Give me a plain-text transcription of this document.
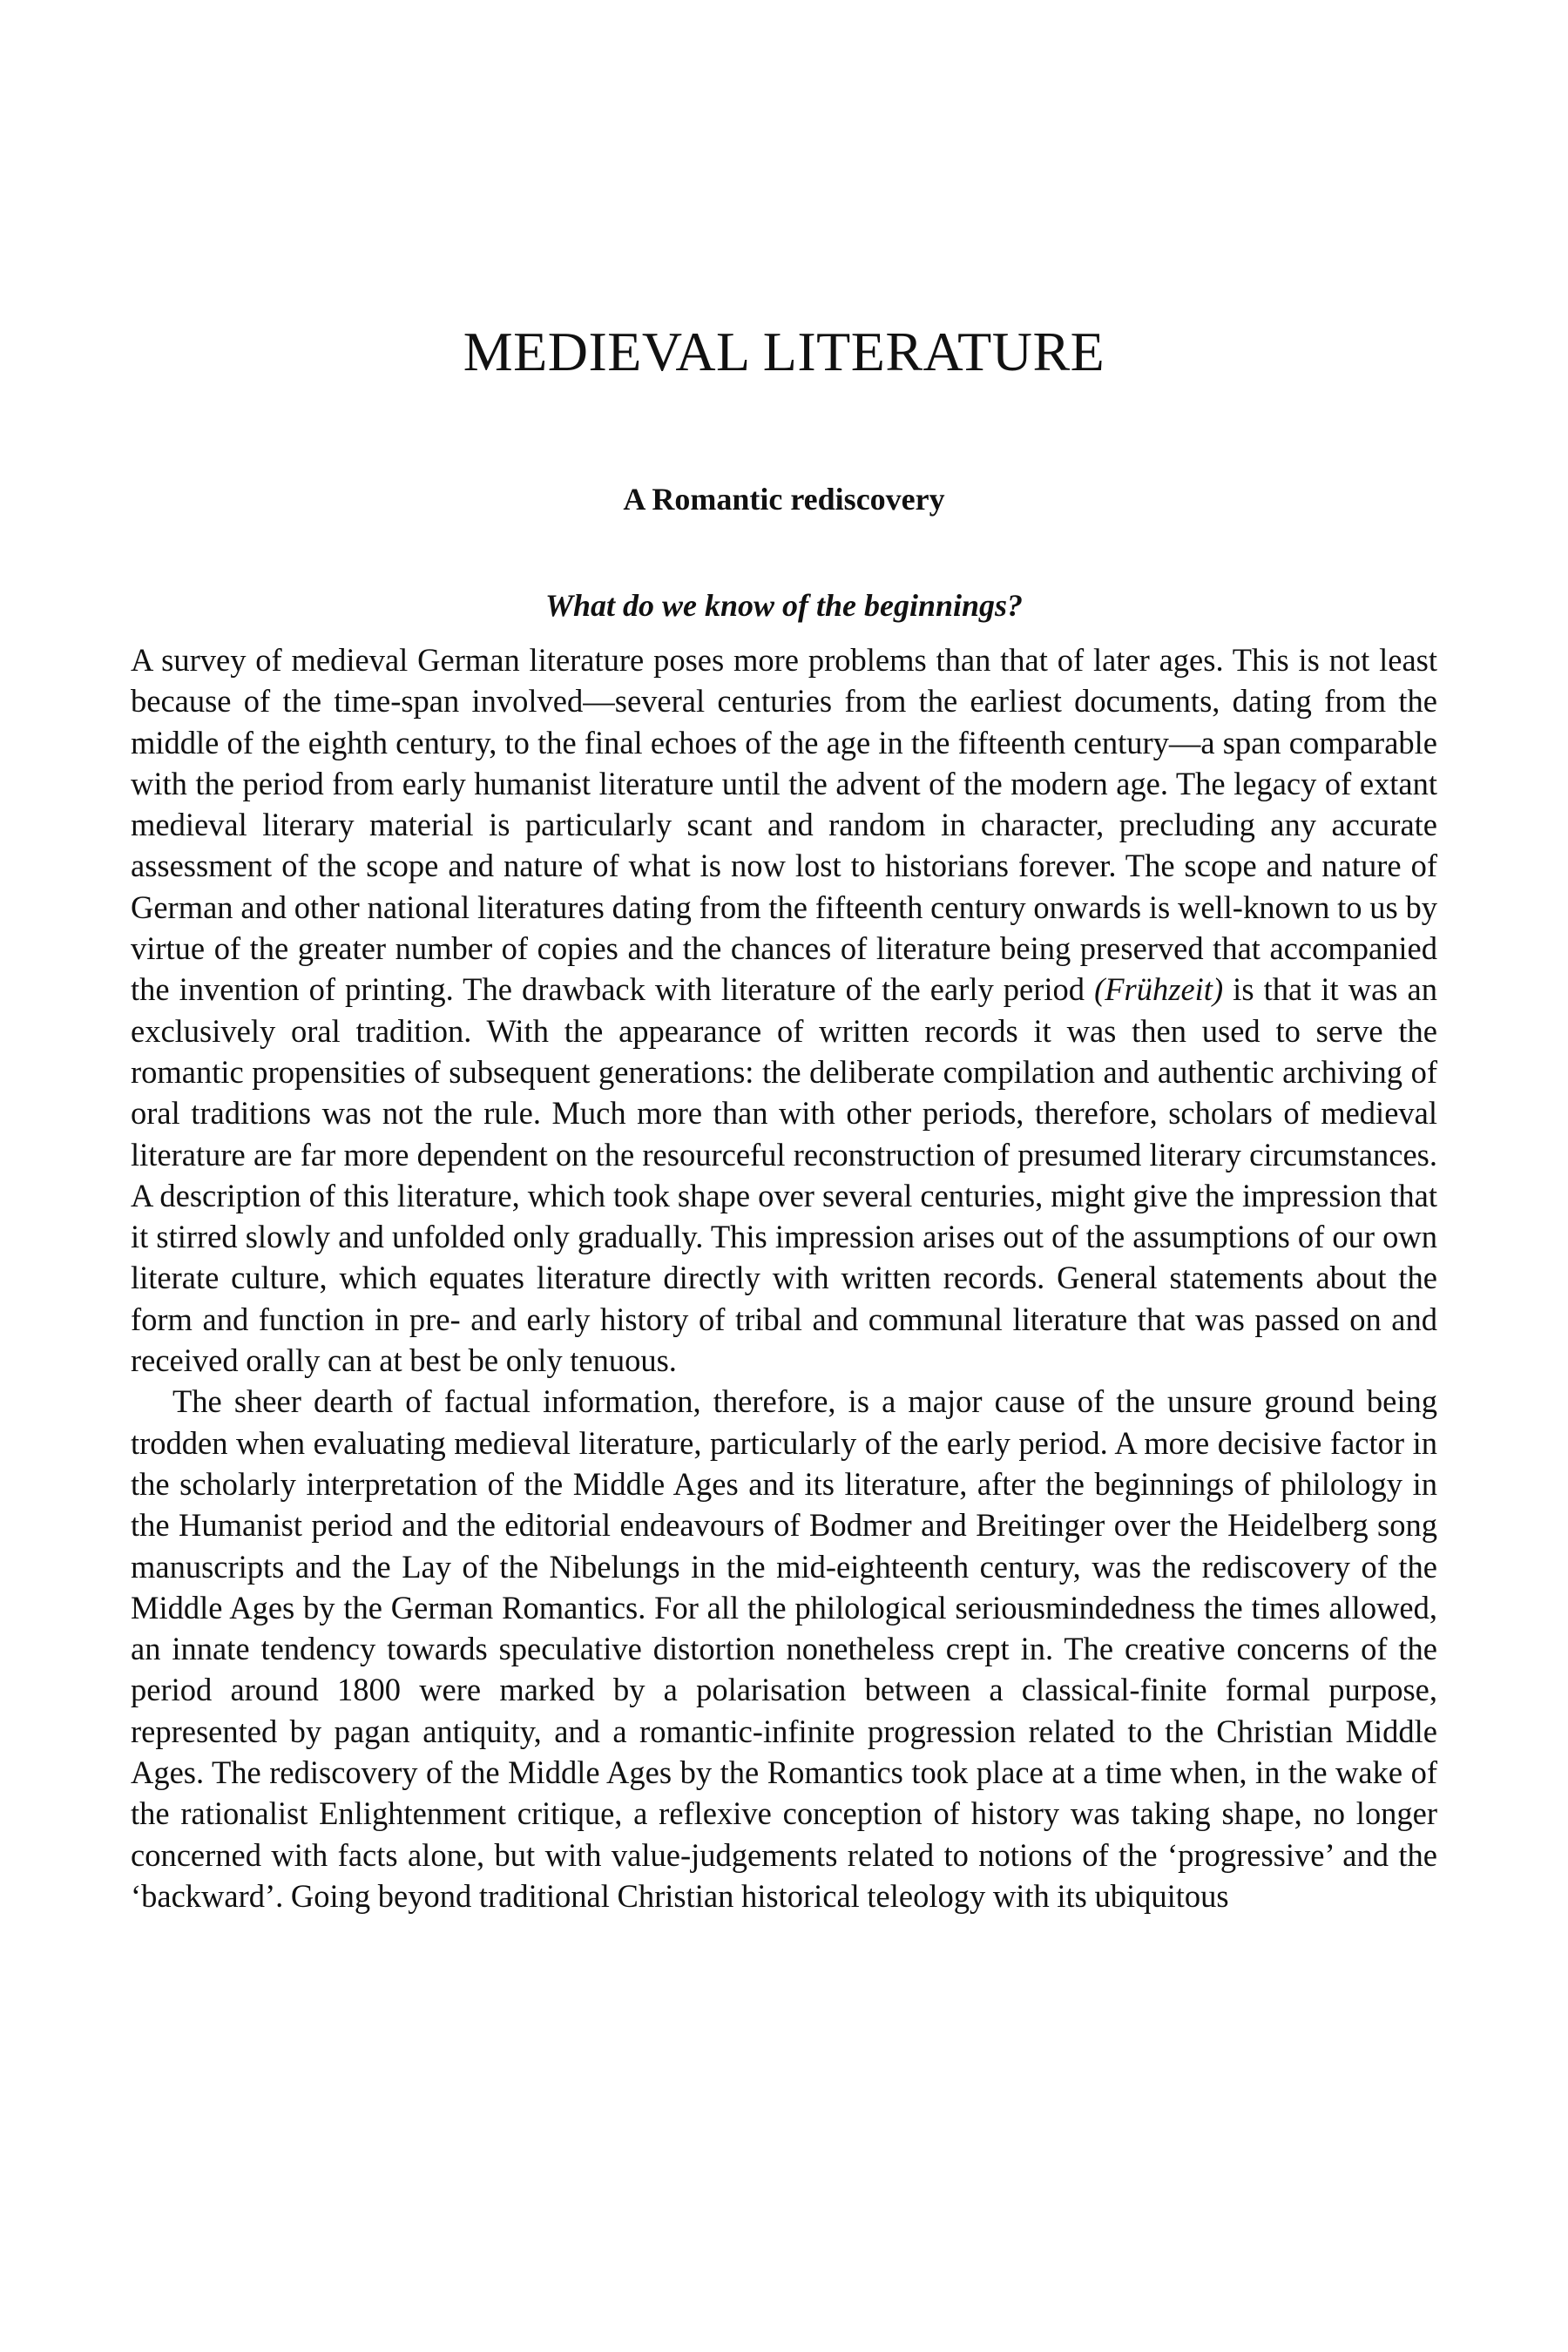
MEDIEVAL LITERATURE
A Romantic rediscovery
What do we know of the beginnings?

A survey of medieval German literature poses more problems than that of later ages. This is not least because of the time-span involved—several centuries from the earliest documents, dating from the middle of the eighth century, to the final echoes of the age in the fifteenth century—a span comparable with the period from early humanist literature until the advent of the modern age. The legacy of extant medieval literary material is particularly scant and random in character, precluding any accurate assessment of the scope and nature of what is now lost to historians forever. The scope and nature of German and other national literatures dating from the fifteenth century onwards is well-known to us by virtue of the greater number of copies and the chances of literature being preserved that accompanied the invention of printing. The drawback with literature of the early period (Frühzeit) is that it was an exclusively oral tradition. With the appearance of written records it was then used to serve the romantic propensities of subsequent generations: the deliberate compilation and authentic archiving of oral traditions was not the rule. Much more than with other periods, therefore, scholars of medieval literature are far more dependent on the resourceful reconstruction of presumed literary circumstances. A description of this literature, which took shape over several centuries, might give the impression that it stirred slowly and unfolded only gradually. This impression arises out of the assumptions of our own literate culture, which equates literature directly with written records. General statements about the form and function in pre- and early history of tribal and communal literature that was passed on and received orally can at best be only tenuous.

The sheer dearth of factual information, therefore, is a major cause of the unsure ground being trodden when evaluating medieval literature, particularly of the early period. A more decisive factor in the scholarly interpretation of the Middle Ages and its literature, after the beginnings of philology in the Humanist period and the editorial endeavours of Bodmer and Breitinger over the Heidelberg song manuscripts and the Lay of the Nibelungs in the mid-eighteenth century, was the rediscovery of the Middle Ages by the German Romantics. For all the philological seriousmindedness the times allowed, an innate tendency towards speculative distortion nonetheless crept in. The creative concerns of the period around 1800 were marked by a polarisation between a classical-finite formal purpose, represented by pagan antiquity, and a romantic-infinite progression related to the Christian Middle Ages. The rediscovery of the Middle Ages by the Romantics took place at a time when, in the wake of the rationalist Enlightenment critique, a reflexive conception of history was taking shape, no longer concerned with facts alone, but with value-judgements related to notions of the ‘progressive’ and the ‘backward’. Going beyond traditional Christian historical teleology with its ubiquitous
